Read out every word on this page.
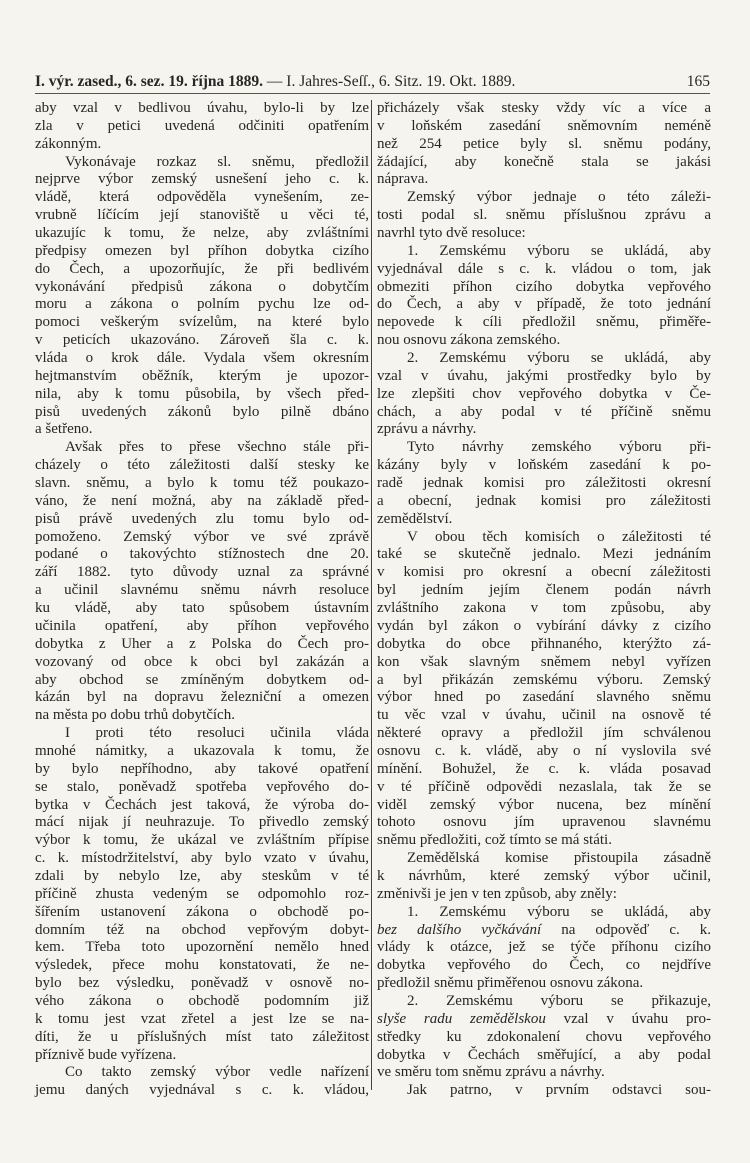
I. výr. zased., 6. sez. 19. října 1889. — I. Jahres-Seſſ., 6. Sitz. 19. Okt. 1889.	165
aby vzal v bedlivou úvahu, bylo-li by lze
zla v petici uvedená odčiniti opatřením
zákonným.
Vykonávaje rozkaz sl. sněmu, předložil
nejprve výbor zemský usnešení jeho c. k.
vládě, která odpověděla vynešením, ze-
vrubně líčícím její stanoviště u věci té,
ukazujíc k tomu, že nelze, aby zvláštními
předpisy omezen byl příhon dobytka cizího
do Čech, a upozorňujíc, že při bedlivém
vykonávání předpisů zákona o dobytčím
moru a zákona o polním pychu lze od-
pomoci veškerým svízelům, na které bylo
v peticích ukazováno. Zároveň šla c. k.
vláda o krok dále. Vydala všem okresním
hejtmanstvím oběžník, kterým je upozor-
nila, aby k tomu působila, by všech před-
pisů uvedených zákonů bylo pilně dbáno
a šetřeno.
Avšak přes to přese všechno stále při-
cházely o této záležitosti další stesky ke
slavn. sněmu, a bylo k tomu též poukazo-
váno, že není možná, aby na základě před-
pisů právě uvedených zlu tomu bylo od-
pomoženo. Zemský výbor ve své zprávě
podané o takovýchto stížnostech dne 20.
září 1882. tyto důvody uznal za správné
a učinil slavnému sněmu návrh resoluce
ku vládě, aby tato spůsobem ústavním
učinila opatření, aby příhon vepřového
dobytka z Uher a z Polska do Čech pro-
vozovaný od obce k obci byl zakázán a
aby obchod se zmíněným dobytkem od-
kázán byl na dopravu železniční a omezen
na města po dobu trhů dobytčích.
I proti této resoluci učinila vláda
mnohé námitky, a ukazovala k tomu, že
by bylo nepříhodno, aby takové opatření
se stalo, poněvadž spotřeba vepřového do-
bytka v Čechách jest taková, že výroba do-
mácí nijak jí neuhrazuje. To přivedlo zemský
výbor k tomu, že ukázal ve zvláštním přípise
c. k. místodržitelství, aby bylo vzato v úvahu,
zdali by nebylo lze, aby steskům v té
příčině zhusta vedeným se odpomohlo roz-
šířením ustanovení zákona o obchodě po-
domním též na obchod vepřovým dobyt-
kem. Třeba toto upozornění nemělo hned
výsledek, přece mohu konstatovati, že ne-
bylo bez výsledku, poněvadž v osnově no-
vého zákona o obchodě podomním již
k tomu jest vzat zřetel a jest lze se na-
díti, že u příslušných míst tato záležitost
příznivě bude vyřízena.
Co takto zemský výbor vedle nařízení
jemu daných vyjednával s c. k. vládou,
přicházely však stesky vždy víc a více a
v loňském zasedání sněmovním neméně
než 254 petice byly sl. sněmu podány,
žádající, aby konečně stala se jakási
náprava.
Zemský výbor jednaje o této záleži-
tosti podal sl. sněmu příslušnou zprávu a
navrhl tyto dvě resoluce:
1. Zemskému výboru se ukládá, aby
vyjednával dále s c. k. vládou o tom, jak
obmeziti příhon cizího dobytka vepřového
do Čech, a aby v případě, že toto jednání
nepovede k cíli předložil sněmu, přiměře-
nou osnovu zákona zemského.
2. Zemskému výboru se ukládá, aby
vzal v úvahu, jakými prostředky bylo by
lze zlepšiti chov vepřového dobytka v Če-
chách, a aby podal v té příčině sněmu
zprávu a návrhy.
Tyto návrhy zemského výboru při-
kázány byly v loňském zasedání k po-
radě jednak komisi pro záležitosti okresní
a obecní, jednak komisi pro záležitosti
zemědělství.
V obou těch komisích o záležitosti té
také se skutečně jednalo. Mezi jednáním
v komisi pro okresní a obecní záležitosti
byl jedním jejím členem podán návrh
zvláštního zakona v tom způsobu, aby
vydán byl zákon o vybírání dávky z cizího
dobytka do obce přihnaného, kterýžto zá-
kon však slavným sněmem nebyl vyřízen
a byl přikázán zemskému výboru. Zemský
výbor hned po zasedání slavného sněmu
tu věc vzal v úvahu, učinil na osnově té
některé opravy a předložil jím schválenou
osnovu c. k. vládě, aby o ní vyslovila své
mínění. Bohužel, že c. k. vláda posavad
v té příčině odpovědi nezaslala, tak že se
viděl zemský výbor nucena, bez mínění
tohoto osnovu jím upravenou slavnému
sněmu předložiti, což tímto se má státi.
Zemědělská komise přistoupila zásadně
k návrhům, které zemský výbor učinil,
změnivši je jen v ten způsob, aby zněly:
1. Zemskému výboru se ukládá, aby
bez dalšího vyčkávání na odpověď c. k.
vlády k otázce, jež se týče příhonu cizího
dobytka vepřového do Čech, co nejdříve
předložil sněmu přiměřenou osnovu zákona.
2. Zemskému výboru se přikazuje,
slyše radu zemědělskou vzal v úvahu pro-
středky ku zdokonalení chovu vepřového
dobytka v Čechách směřující, a aby podal
ve směru tom sněmu zprávu a návrhy.
Jak patrno, v prvním odstavci sou-
